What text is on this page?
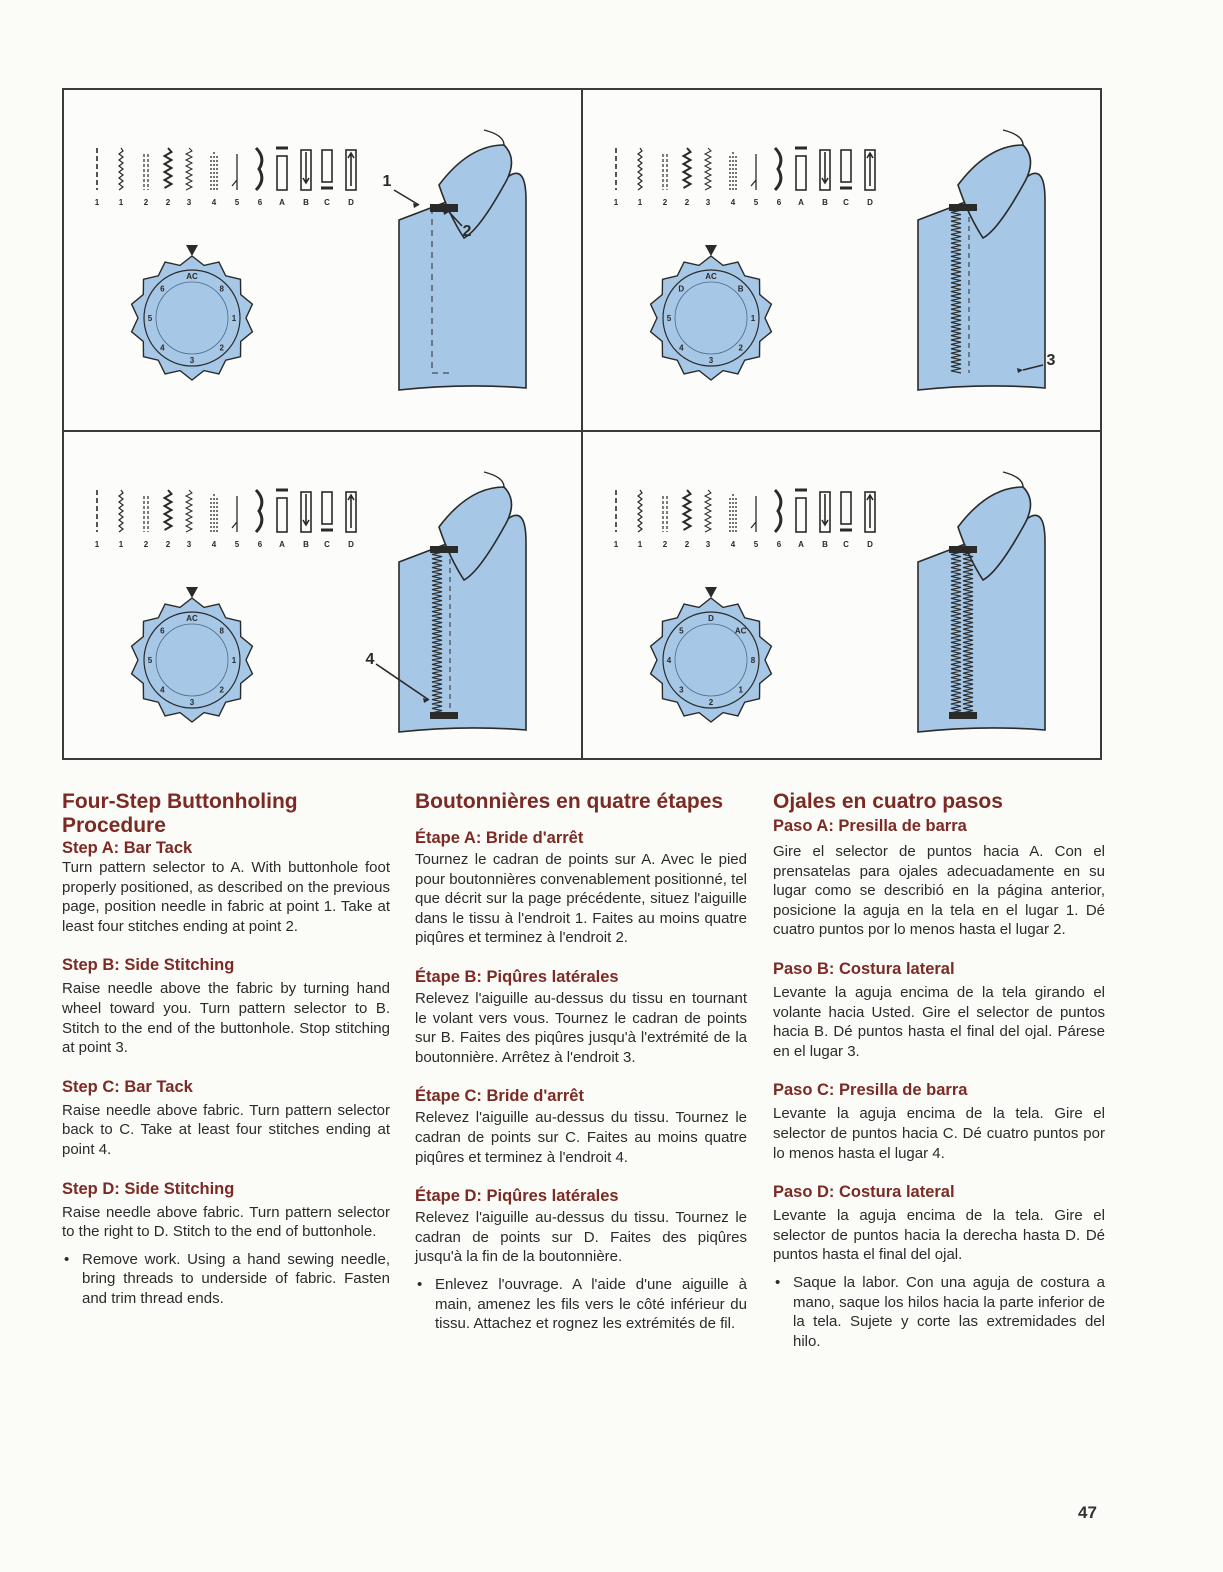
1 1	2 2 3	4 5 6 A B C D
AC
8
1
2
3
4
5
6
1
2
1 1	2 2 3	4 5 6 A B C D
AC
B
1
2
3
4
5
D
3
1 1	2 2 3	4 5 6 A B C D
AC
8
1
2
3
4
5
6
4
1 1	2 2 3	4 5 6 A B C D
D
AC
8
1
2
3
4
5
Four-Step Buttonholing Procedure
Step A: Bar Tack

Turn pattern selector to A. With buttonhole foot properly positioned, as described on the previous page, position needle in fabric at point 1. Take at least four stitches ending at point 2.

Step B: Side Stitching

Raise needle above the fabric by turning hand wheel toward you. Turn pattern selector to B. Stitch to the end of the buttonhole. Stop stitching at point 3.

Step C: Bar Tack

Raise needle above fabric. Turn pattern selector back to C. Take at least four stitches ending at point 4.

Step D: Side Stitching

Raise needle above fabric. Turn pattern selector to the right to D. Stitch to the end of buttonhole.

• Remove work. Using a hand sewing needle, bring threads to underside of fabric. Fasten and trim thread ends.
Boutonnières en quatre étapes
Étape A: Bride d'arrêt

Tournez le cadran de points sur A. Avec le pied pour boutonnières convenablement positionné, tel que décrit sur la page précédente, situez l'aiguille dans le tissu à l'endroit 1. Faites au moins quatre piqûres et terminez à l'endroit 2.

Étape B: Piqûres latérales

Relevez l'aiguille au-dessus du tissu en tournant le volant vers vous. Tournez le cadran de points sur B. Faites des piqûres jusqu'à l'extrémité de la boutonnière. Arrêtez à l'endroit 3.

Étape C: Bride d'arrêt

Relevez l'aiguille au-dessus du tissu. Tournez le cadran de points sur C. Faites au moins quatre piqûres et terminez à l'endroit 4.

Étape D: Piqûres latérales

Relevez l'aiguille au-dessus du tissu. Tournez le cadran de points sur D. Faites des piqûres jusqu'à la fin de la boutonnière.

• Enlevez l'ouvrage. A l'aide d'une aiguille à main, amenez les fils vers le côté inférieur du tissu. Attachez et rognez les extrémités de fil.
Ojales en cuatro pasos
Paso A: Presilla de barra

Gire el selector de puntos hacia A. Con el prensatelas para ojales adecuadamente en su lugar como se describió en la página anterior, posicione la aguja en la tela en el lugar 1. Dé cuatro puntos por lo menos hasta el lugar 2.

Paso B: Costura lateral

Levante la aguja encima de la tela girando el volante hacia Usted. Gire el selector de puntos hacia B. Dé puntos hasta el final del ojal. Párese en el lugar 3.

Paso C: Presilla de barra

Levante la aguja encima de la tela. Gire el selector de puntos hacia C. Dé cuatro puntos por lo menos hasta el lugar 4.

Paso D: Costura lateral

Levante la aguja encima de la tela. Gire el selector de puntos hacia la derecha hasta D. Dé puntos hasta el final del ojal.

• Saque la labor. Con una aguja de costura a mano, saque los hilos hacia la parte inferior de la tela. Sujete y corte las extremidades del hilo.
47
